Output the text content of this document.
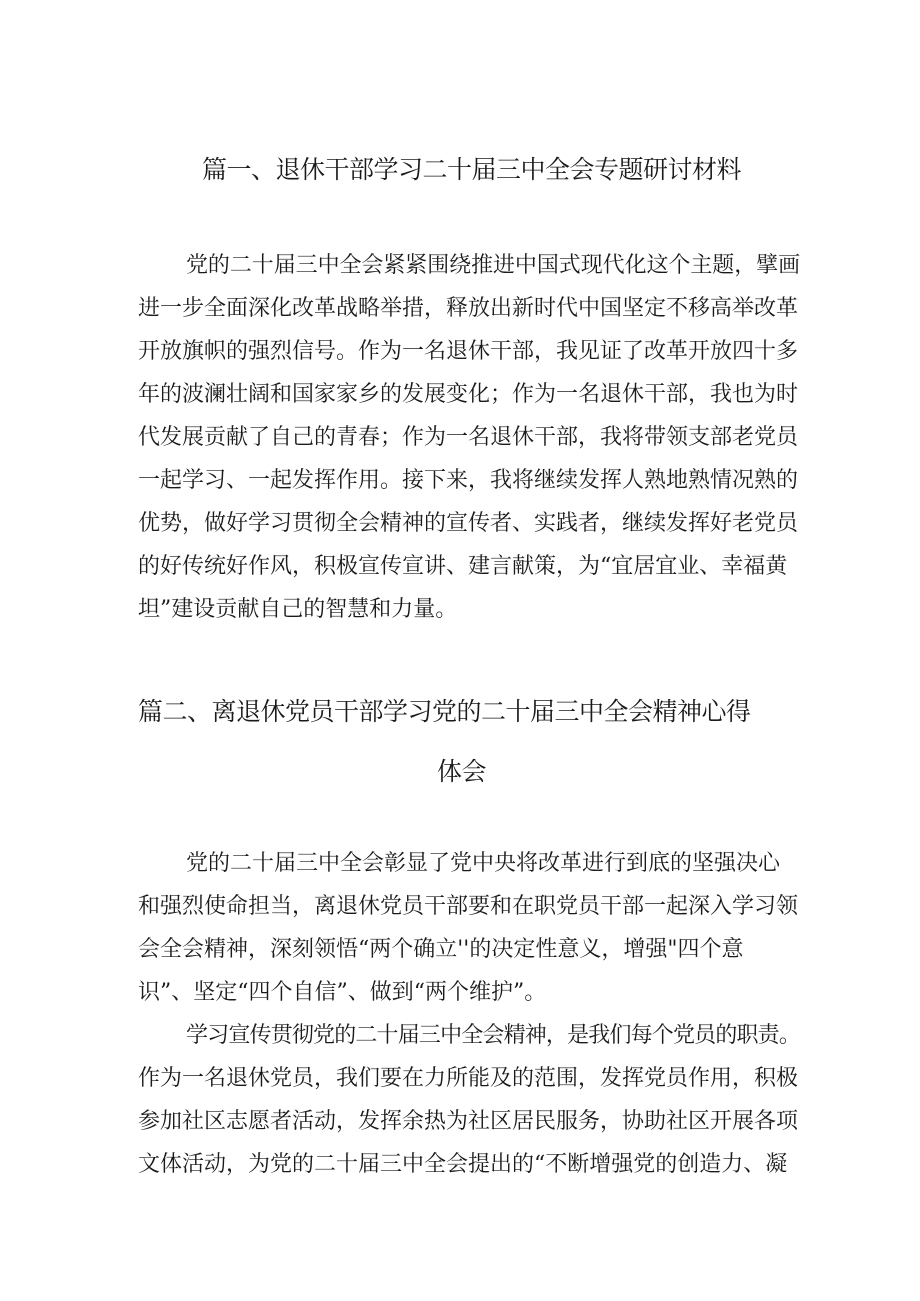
篇一、退休干部学习二十届三中全会专题研讨材料

党的二十届三中全会紧紧围绕推进中国式现代化这个主题，擘画

进一步全面深化改革战略举措，释放出新时代中国坚定不移高举改革

开放旗帜的强烈信号。作为一名退休干部，我见证了改革开放四十多

年的波澜壮阔和国家家乡的发展变化；作为一名退休干部，我也为时

代发展贡献了自己的青春；作为一名退休干部，我将带领支部老党员

一起学习、一起发挥作用。接下来，我将继续发挥人熟地熟情况熟的

优势，做好学习贯彻全会精神的宣传者、实践者，继续发挥好老党员

的好传统好作风，积极宣传宣讲、建言献策，为“宜居宜业、幸福黄

坦”建设贡献自己的智慧和力量。

篇二、离退休党员干部学习党的二十届三中全会精神心得
体会

党的二十届三中全会彰显了党中央将改革进行到底的坚强决心

和强烈使命担当，离退休党员干部要和在职党员干部一起深入学习领

会全会精神，深刻领悟“两个确立''的决定性意义，增强"四个意

识”、坚定“四个自信”、做到“两个维护”。

学习宣传贯彻党的二十届三中全会精神，是我们每个党员的职责。

作为一名退休党员，我们要在力所能及的范围，发挥党员作用，积极

参加社区志愿者活动，发挥余热为社区居民服务，协助社区开展各项

文体活动，为党的二十届三中全会提出的“不断增强党的创造力、凝
